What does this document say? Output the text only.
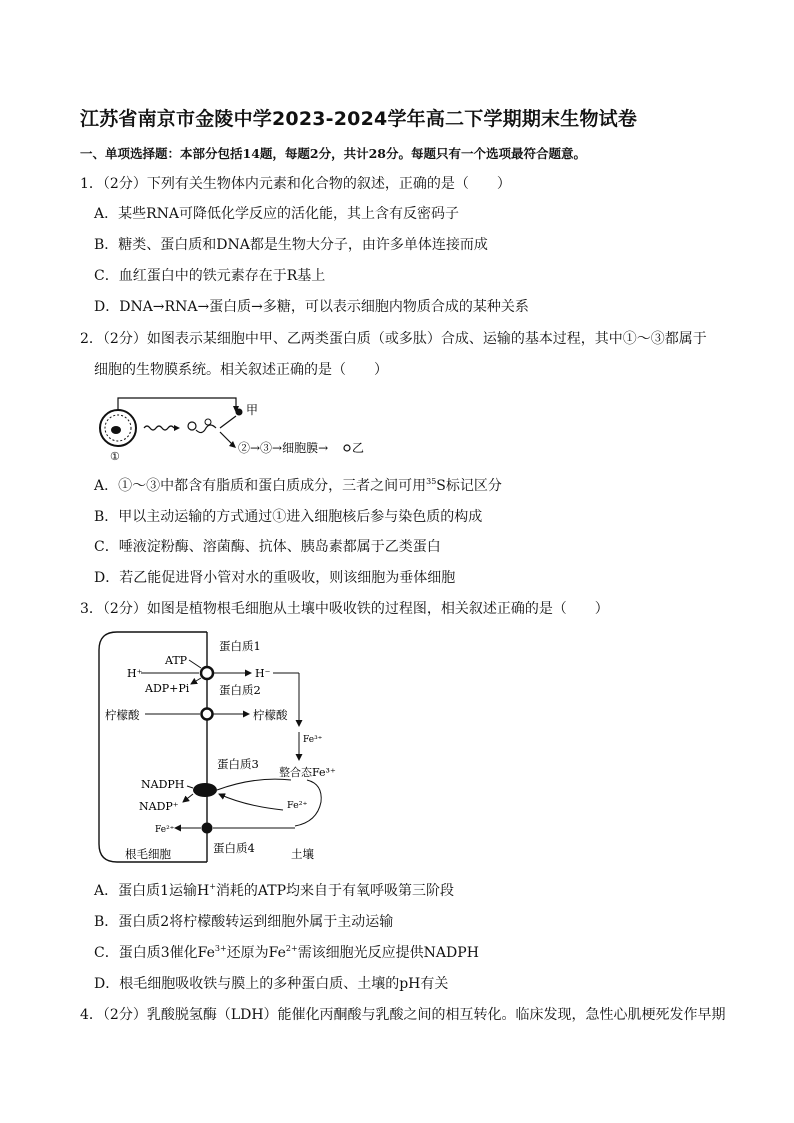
江苏省南京市金陵中学2023-2024学年高二下学期期末生物试卷
一、单项选择题：本部分包括14题，每题2分，共计28分。每题只有一个选项最符合题意。
1．（2分）下列有关生物体内元素和化合物的叙述，正确的是（　　）
A．某些RNA可降低化学反应的活化能，其上含有反密码子
B．糖类、蛋白质和DNA都是生物大分子，由许多单体连接而成
C．血红蛋白中的铁元素存在于R基上
D．DNA→RNA→蛋白质→多糖，可以表示细胞内物质合成的某种关系
2．（2分）如图表示某细胞中甲、乙两类蛋白质（或多肽）合成、运输的基本过程，其中①～③都属于
细胞的生物膜系统。相关叙述正确的是（　　）
甲
②→③→细胞膜→ 乙
①
A．①～③中都含有脂质和蛋白质成分，三者之间可用$^{35}$S标记区分
B．甲以主动运输的方式通过①进入细胞核后参与染色质的构成
C．唾液淀粉酶、溶菌酶、抗体、胰岛素都属于乙类蛋白
D．若乙能促进肾小管对水的重吸收，则该细胞为垂体细胞
3．（2分）如图是植物根毛细胞从土壤中吸收铁的过程图，相关叙述正确的是（　　）
蛋白质1
ATP
ADP+Pi
H⁺	H⁻
蛋白质2
柠檬酸	柠檬酸
Fe³⁺
整合态Fe³⁺
蛋白质3
NADPH
NADP⁺	Fe²⁺
Fe²⁺
蛋白质4
根毛细胞	土壤
A．蛋白质1运输H+消耗的ATP均来自于有氧呼吸第三阶段
B．蛋白质2将柠檬酸转运到细胞外属于主动运输
C．蛋白质3催化$Fe^{3+}$还原为$Fe^{2+}$需该细胞光反应提供NADPH
D．根毛细胞吸收铁与膜上的多种蛋白质、土壤的pH有关
4．（2分）乳酸脱氢酶（LDH）能催化丙酮酸与乳酸之间的相互转化。临床发现，急性心肌梗死发作早期
